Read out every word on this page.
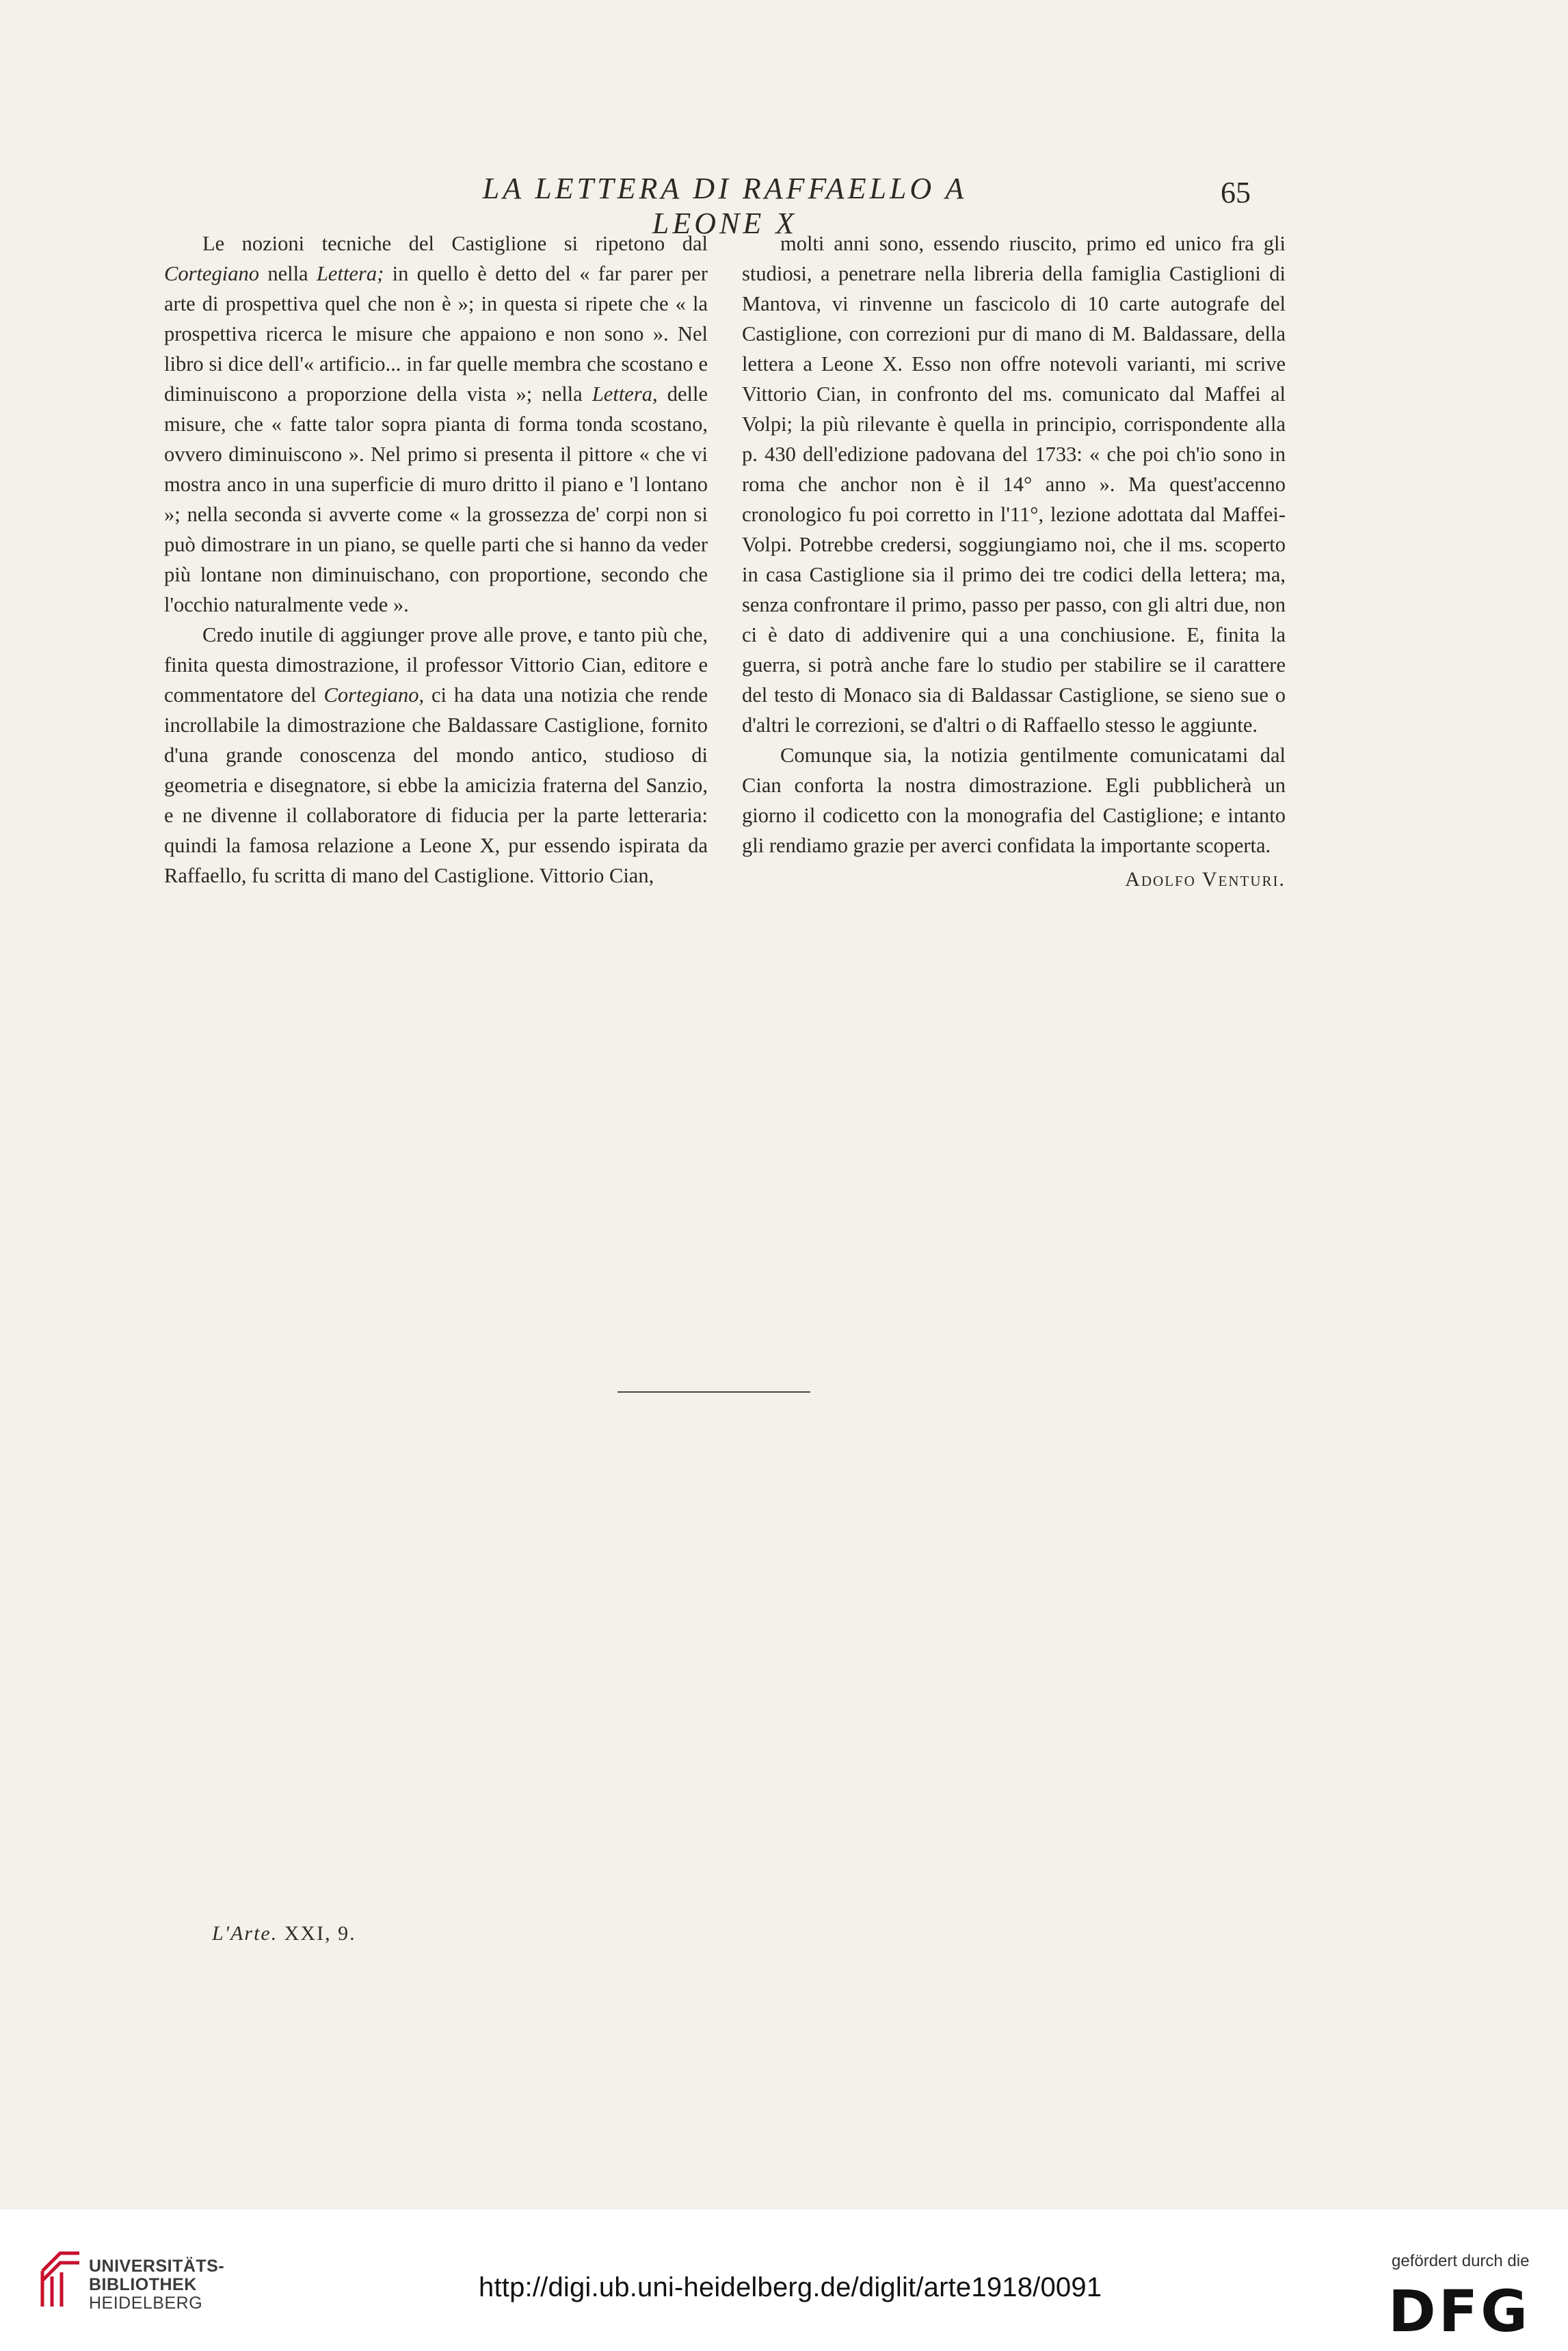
LA LETTERA DI RAFFAELLO A LEONE X
65

Le nozioni tecniche del Castiglione si ripetono dal Cortegiano nella Lettera; in quello è detto del « far parer per arte di prospettiva quel che non è »; in questa si ripete che « la prospettiva ricerca le misure che appaiono e non sono ». Nel libro si dice dell'« artificio... in far quelle membra che scostano e diminuiscono a proporzione della vista »; nella Lettera, delle misure, che « fatte talor sopra pianta di forma tonda scostano, ovvero diminuiscono ». Nel primo si presenta il pittore « che vi mostra anco in una superficie di muro dritto il piano e 'l lontano »; nella seconda si avverte come « la grossezza de' corpi non si può dimostrare in un piano, se quelle parti che si hanno da veder più lontane non diminuischano, con proportione, secondo che l'occhio naturalmente vede ».

Credo inutile di aggiunger prove alle prove, e tanto più che, finita questa dimostrazione, il professor Vittorio Cian, editore e commentatore del Cortegiano, ci ha data una notizia che rende incrollabile la dimostrazione che Baldassare Castiglione, fornito d'una grande conoscenza del mondo antico, studioso di geometria e disegnatore, si ebbe la amicizia fraterna del Sanzio, e ne divenne il collaboratore di fiducia per la parte letteraria: quindi la famosa relazione a Leone X, pur essendo ispirata da Raffaello, fu scritta di mano del Castiglione. Vittorio Cian,

molti anni sono, essendo riuscito, primo ed unico fra gli studiosi, a penetrare nella libreria della famiglia Castiglioni di Mantova, vi rinvenne un fascicolo di 10 carte autografe del Castiglione, con correzioni pur di mano di M. Baldassare, della lettera a Leone X. Esso non offre notevoli varianti, mi scrive Vittorio Cian, in confronto del ms. comunicato dal Maffei al Volpi; la più rilevante è quella in principio, corrispondente alla p. 430 dell'edizione padovana del 1733: « che poi ch'io sono in roma che anchor non è il 14° anno ». Ma quest'accenno cronologico fu poi corretto in l'11°, lezione adottata dal Maffei-Volpi. Potrebbe credersi, soggiungiamo noi, che il ms. scoperto in casa Castiglione sia il primo dei tre codici della lettera; ma, senza confrontare il primo, passo per passo, con gli altri due, non ci è dato di addivenire qui a una conchiusione. E, finita la guerra, si potrà anche fare lo studio per stabilire se il carattere del testo di Monaco sia di Baldassar Castiglione, se sieno sue o d'altri le correzioni, se d'altri o di Raffaello stesso le aggiunte.

Comunque sia, la notizia gentilmente comunicatami dal Cian conforta la nostra dimostrazione. Egli pubblicherà un giorno il codicetto con la monografia del Castiglione; e intanto gli rendiamo grazie per averci confidata la importante scoperta.

Adolfo Venturi.
L'Arte. XXI, 9.
UNIVERSITÄTS-
BIBLIOTHEK
HEIDELBERG
http://digi.ub.uni-heidelberg.de/diglit/arte1918/0091
gefördert durch die
DFG
